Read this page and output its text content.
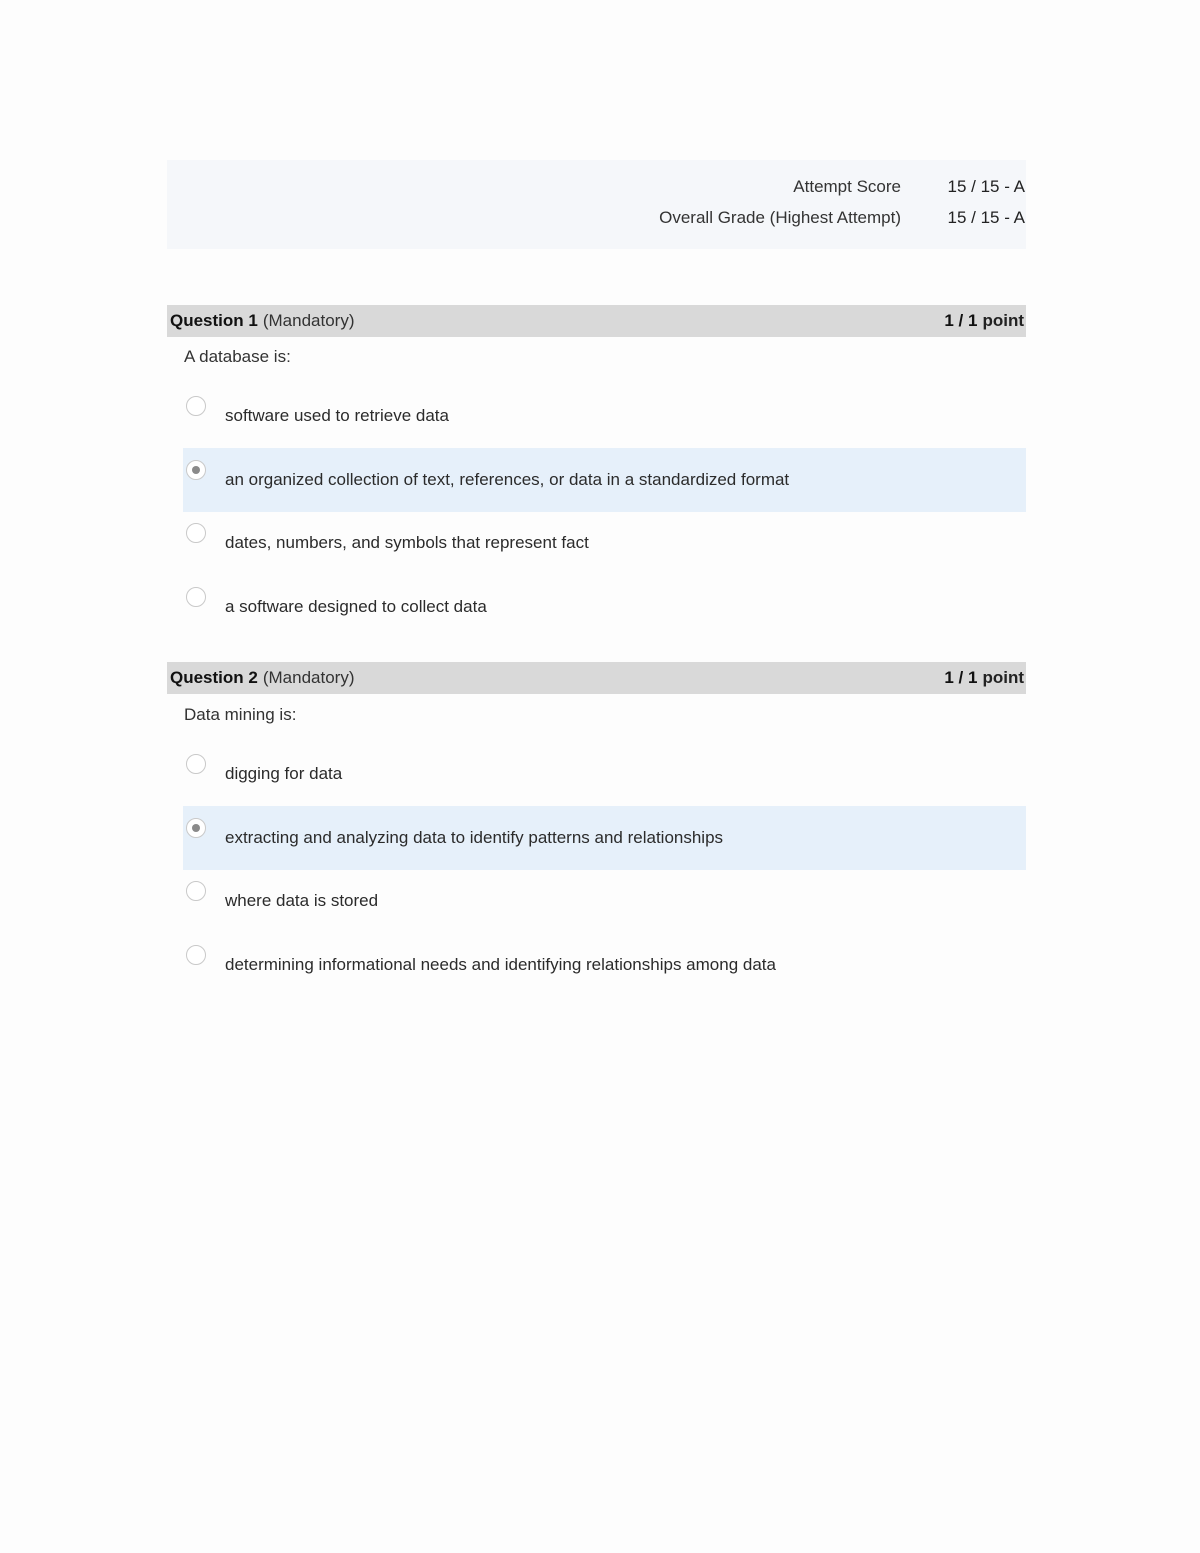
Attempt Score	15 / 15 - A
Overall Grade (Highest Attempt)	15 / 15 - A
Question 1 (Mandatory)	1 / 1 point
A database is:
software used to retrieve data
an organized collection of text, references, or data in a standardized format
dates, numbers, and symbols that represent fact
a software designed to collect data
Question 2 (Mandatory)	1 / 1 point
Data mining is:
digging for data
extracting and analyzing data to identify patterns and relationships
where data is stored
determining informational needs and identifying relationships among data
